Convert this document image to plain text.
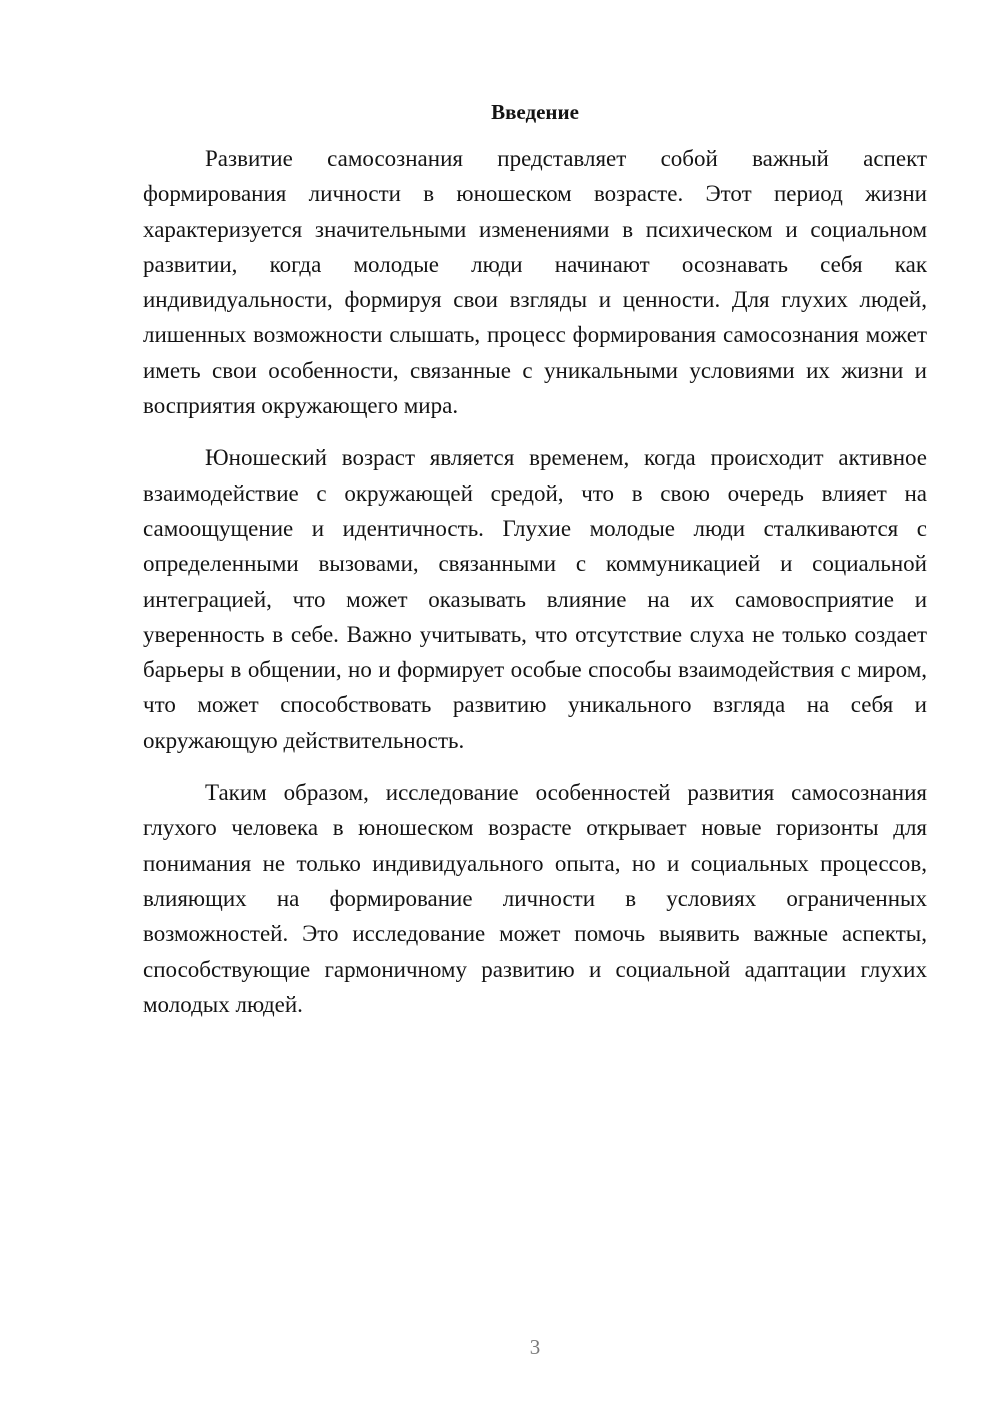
Введение

Развитие самосознания представляет собой важный аспект формирования личности в юношеском возрасте. Этот период жизни характеризуется значительными изменениями в психическом и социальном развитии, когда молодые люди начинают осознавать себя как индивидуальности, формируя свои взгляды и ценности. Для глухих людей, лишенных возможности слышать, процесс формирования самосознания может иметь свои особенности, связанные с уникальными условиями их жизни и восприятия окружающего мира.

Юношеский возраст является временем, когда происходит активное взаимодействие с окружающей средой, что в свою очередь влияет на самоощущение и идентичность. Глухие молодые люди сталкиваются с определенными вызовами, связанными с коммуникацией и социальной интеграцией, что может оказывать влияние на их самовосприятие и уверенность в себе. Важно учитывать, что отсутствие слуха не только создает барьеры в общении, но и формирует особые способы взаимодействия с миром, что может способствовать развитию уникального взгляда на себя и окружающую действительность.

Таким образом, исследование особенностей развития самосознания глухого человека в юношеском возрасте открывает новые горизонты для понимания не только индивидуального опыта, но и социальных процессов, влияющих на формирование личности в условиях ограниченных возможностей. Это исследование может помочь выявить важные аспекты, способствующие гармоничному развитию и социальной адаптации глухих молодых людей.

3
